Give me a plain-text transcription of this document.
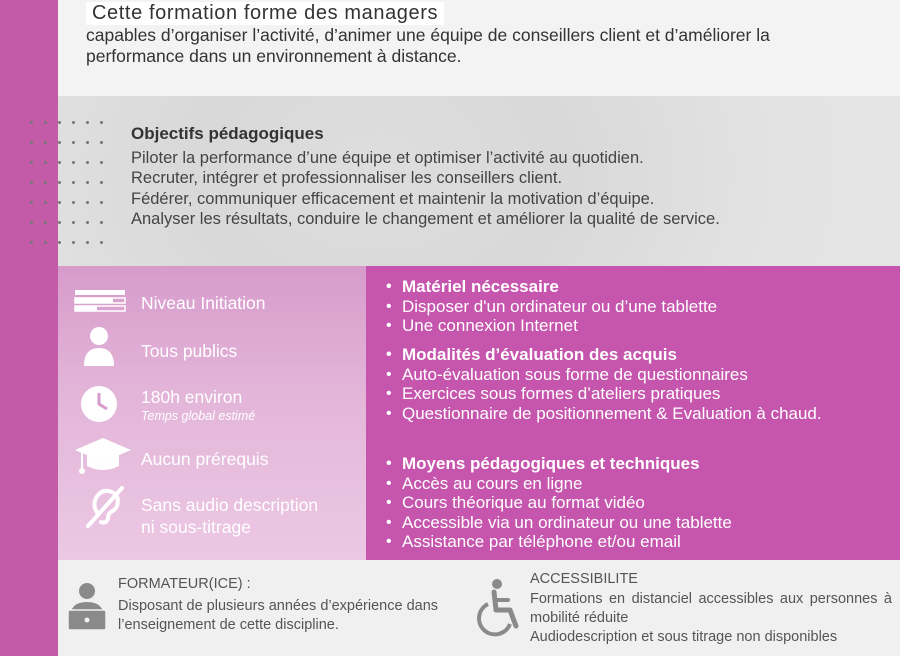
Cette formation forme des managers
capables d’organiser l’activité, d’animer une équipe de conseillers client et d’améliorer la performance dans un environnement à distance.
Objectifs pédagogiques
Piloter la performance d’une équipe et optimiser l’activité au quotidien.
Recruter, intégrer et professionnaliser les conseillers client.
Fédérer, communiquer efficacement et maintenir la motivation d’équipe.
Analyser les résultats, conduire le changement et améliorer la qualité de service.
Niveau Initiation
Tous publics
180h environ
Temps global estimé
Aucun prérequis
Sans audio description
ni sous-titrage
• Matériel nécessaire
• Disposer d'un ordinateur ou d’une tablette
• Une connexion Internet
• Modalités d’évaluation des acquis
• Auto-évaluation sous forme de questionnaires
• Exercices sous formes d’ateliers pratiques
• Questionnaire de positionnement & Evaluation à chaud.
• Moyens pédagogiques et techniques
• Accès au cours en ligne
• Cours théorique au format vidéo
• Accessible via un ordinateur ou une tablette
• Assistance par téléphone et/ou email
FORMATEUR(ICE) :
Disposant de plusieurs années d’expérience dans l’enseignement de cette discipline.
ACCESSIBILITE
Formations en distanciel accessibles aux personnes à mobilité réduite
Audiodescription et sous titrage non disponibles
